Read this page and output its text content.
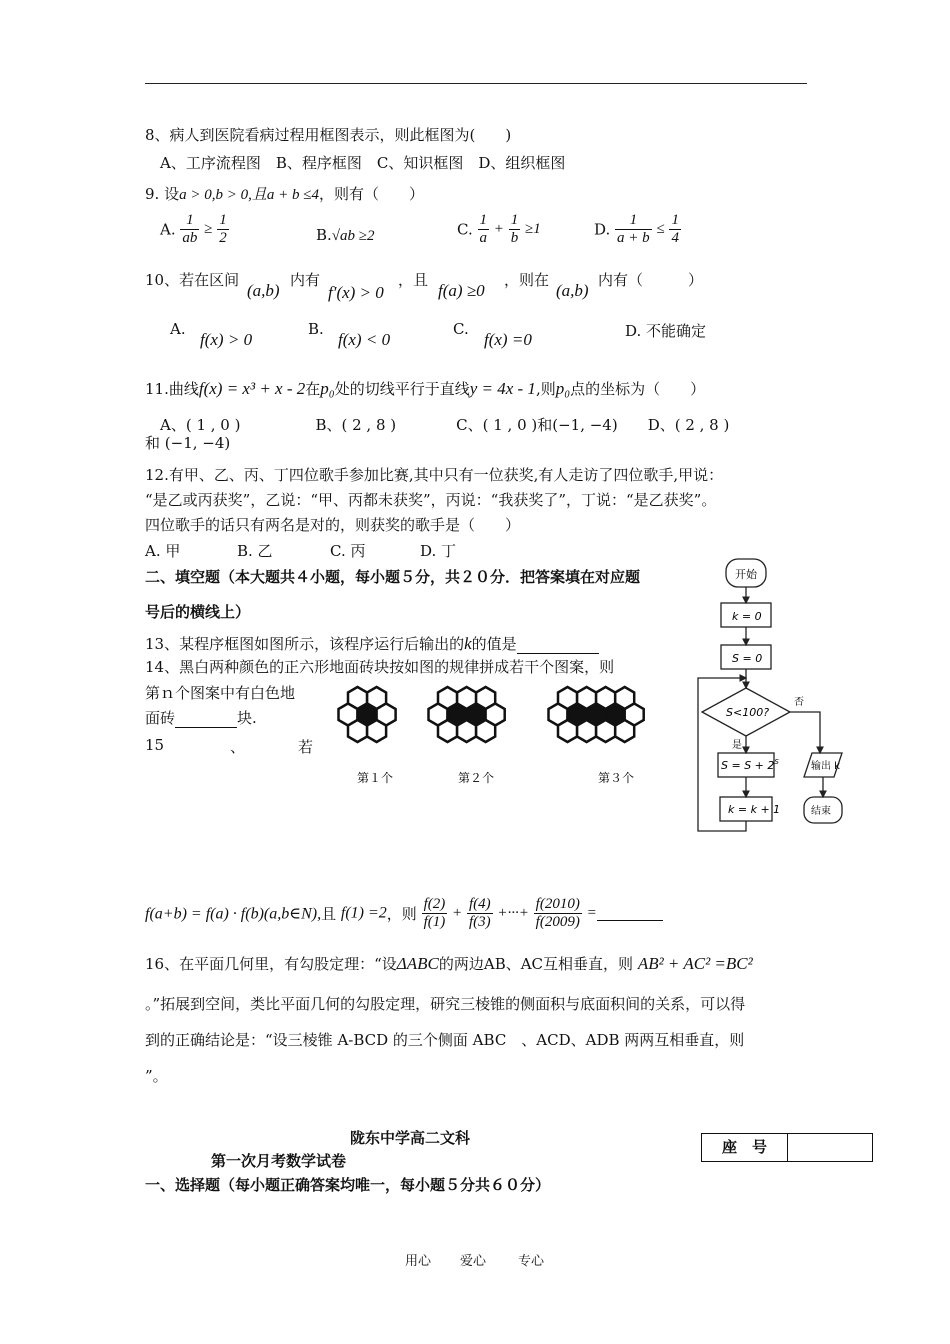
8、病人到医院看病过程用框图表示，则此框图为(　　)
A、工序流程图　B、程序框图　C、知识框图　D、组织框图
9. 设a > 0,b > 0,且a + b ≤4，则有（　　）
A. $\frac{1}{ab} \ge \frac{1}{2}$	B.√ab ≥2	C. $\frac{1}{a} + \frac{1}{b} \ge 1$	D. $\frac{1}{a + b} \le \frac{1}{4}$
10、若在区间
(a,b)
内有
f′(x) > 0
，且
f(a) ≥0
，则在
(a,b)
内有（　　　）
A.
f(x) > 0
B.
f(x) < 0
C.
f(x) =0	D. 不能确定
11.曲线f(x) = x³ + x - 2在p₀处的切线平行于直线y = 4x - 1,则p₀点的坐标为（　　）
A、( 1 , 0 )　　　　　B、( 2 , 8 )　　　　C、( 1 , 0 )和(−1, −4)　　D、( 2 , 8 )
和 (−1, −4)
12.有甲、乙、丙、丁四位歌手参加比赛,其中只有一位获奖,有人走访了四位歌手,甲说：
“是乙或丙获奖”，乙说：“甲、丙都未获奖”，丙说：“我获奖了”，丁说：“是乙获奖”。
四位歌手的话只有两名是对的，则获奖的歌手是（　　）
A. 甲	B. 乙	C. 丙	D. 丁
二、填空题（本大题共４小题，每小题５分，共２０分．把答案填在对应题
号后的横线上）
13、某程序框图如图所示，该程序运行后输出的k的值是
14、黑白两种颜色的正六形地面砖块按如图的规律拼成若干个图案，则
第ｎ个图案中有白色地
面砖	块.
第１个	第２个	第３个
15	、	若
f(a+b) = f(a) · f(b)(a,b∈N),且 f(1) =2，则 $\frac{f(2)}{f(1)} + \frac{f(4)}{f(3)}$ +···+ $\frac{f(2010)}{f(2009)}$ =
16、在平面几何里，有勾股定理：“设ΔABC的两边AB、AC互相垂直，则 AB² + AC² =BC²
。”拓展到空间，类比平面几何的勾股定理，研究三棱锥的侧面积与底面积间的关系，可以得
到的正确结论是：“设三棱锥 A-BCD 的三个侧面 ABC　、ACD、ADB 两两互相垂直，则
”。
开始
k = 0
S = 0
S<100?
否
是
$S = S + 2^S$	输出 k
k = k + 1	结束
陇东中学高二文科
第一次月考数学试卷
一、选择题（每小题正确答案均唯一，每小题５分共６０分）
座　号
用心 爱心 专心
